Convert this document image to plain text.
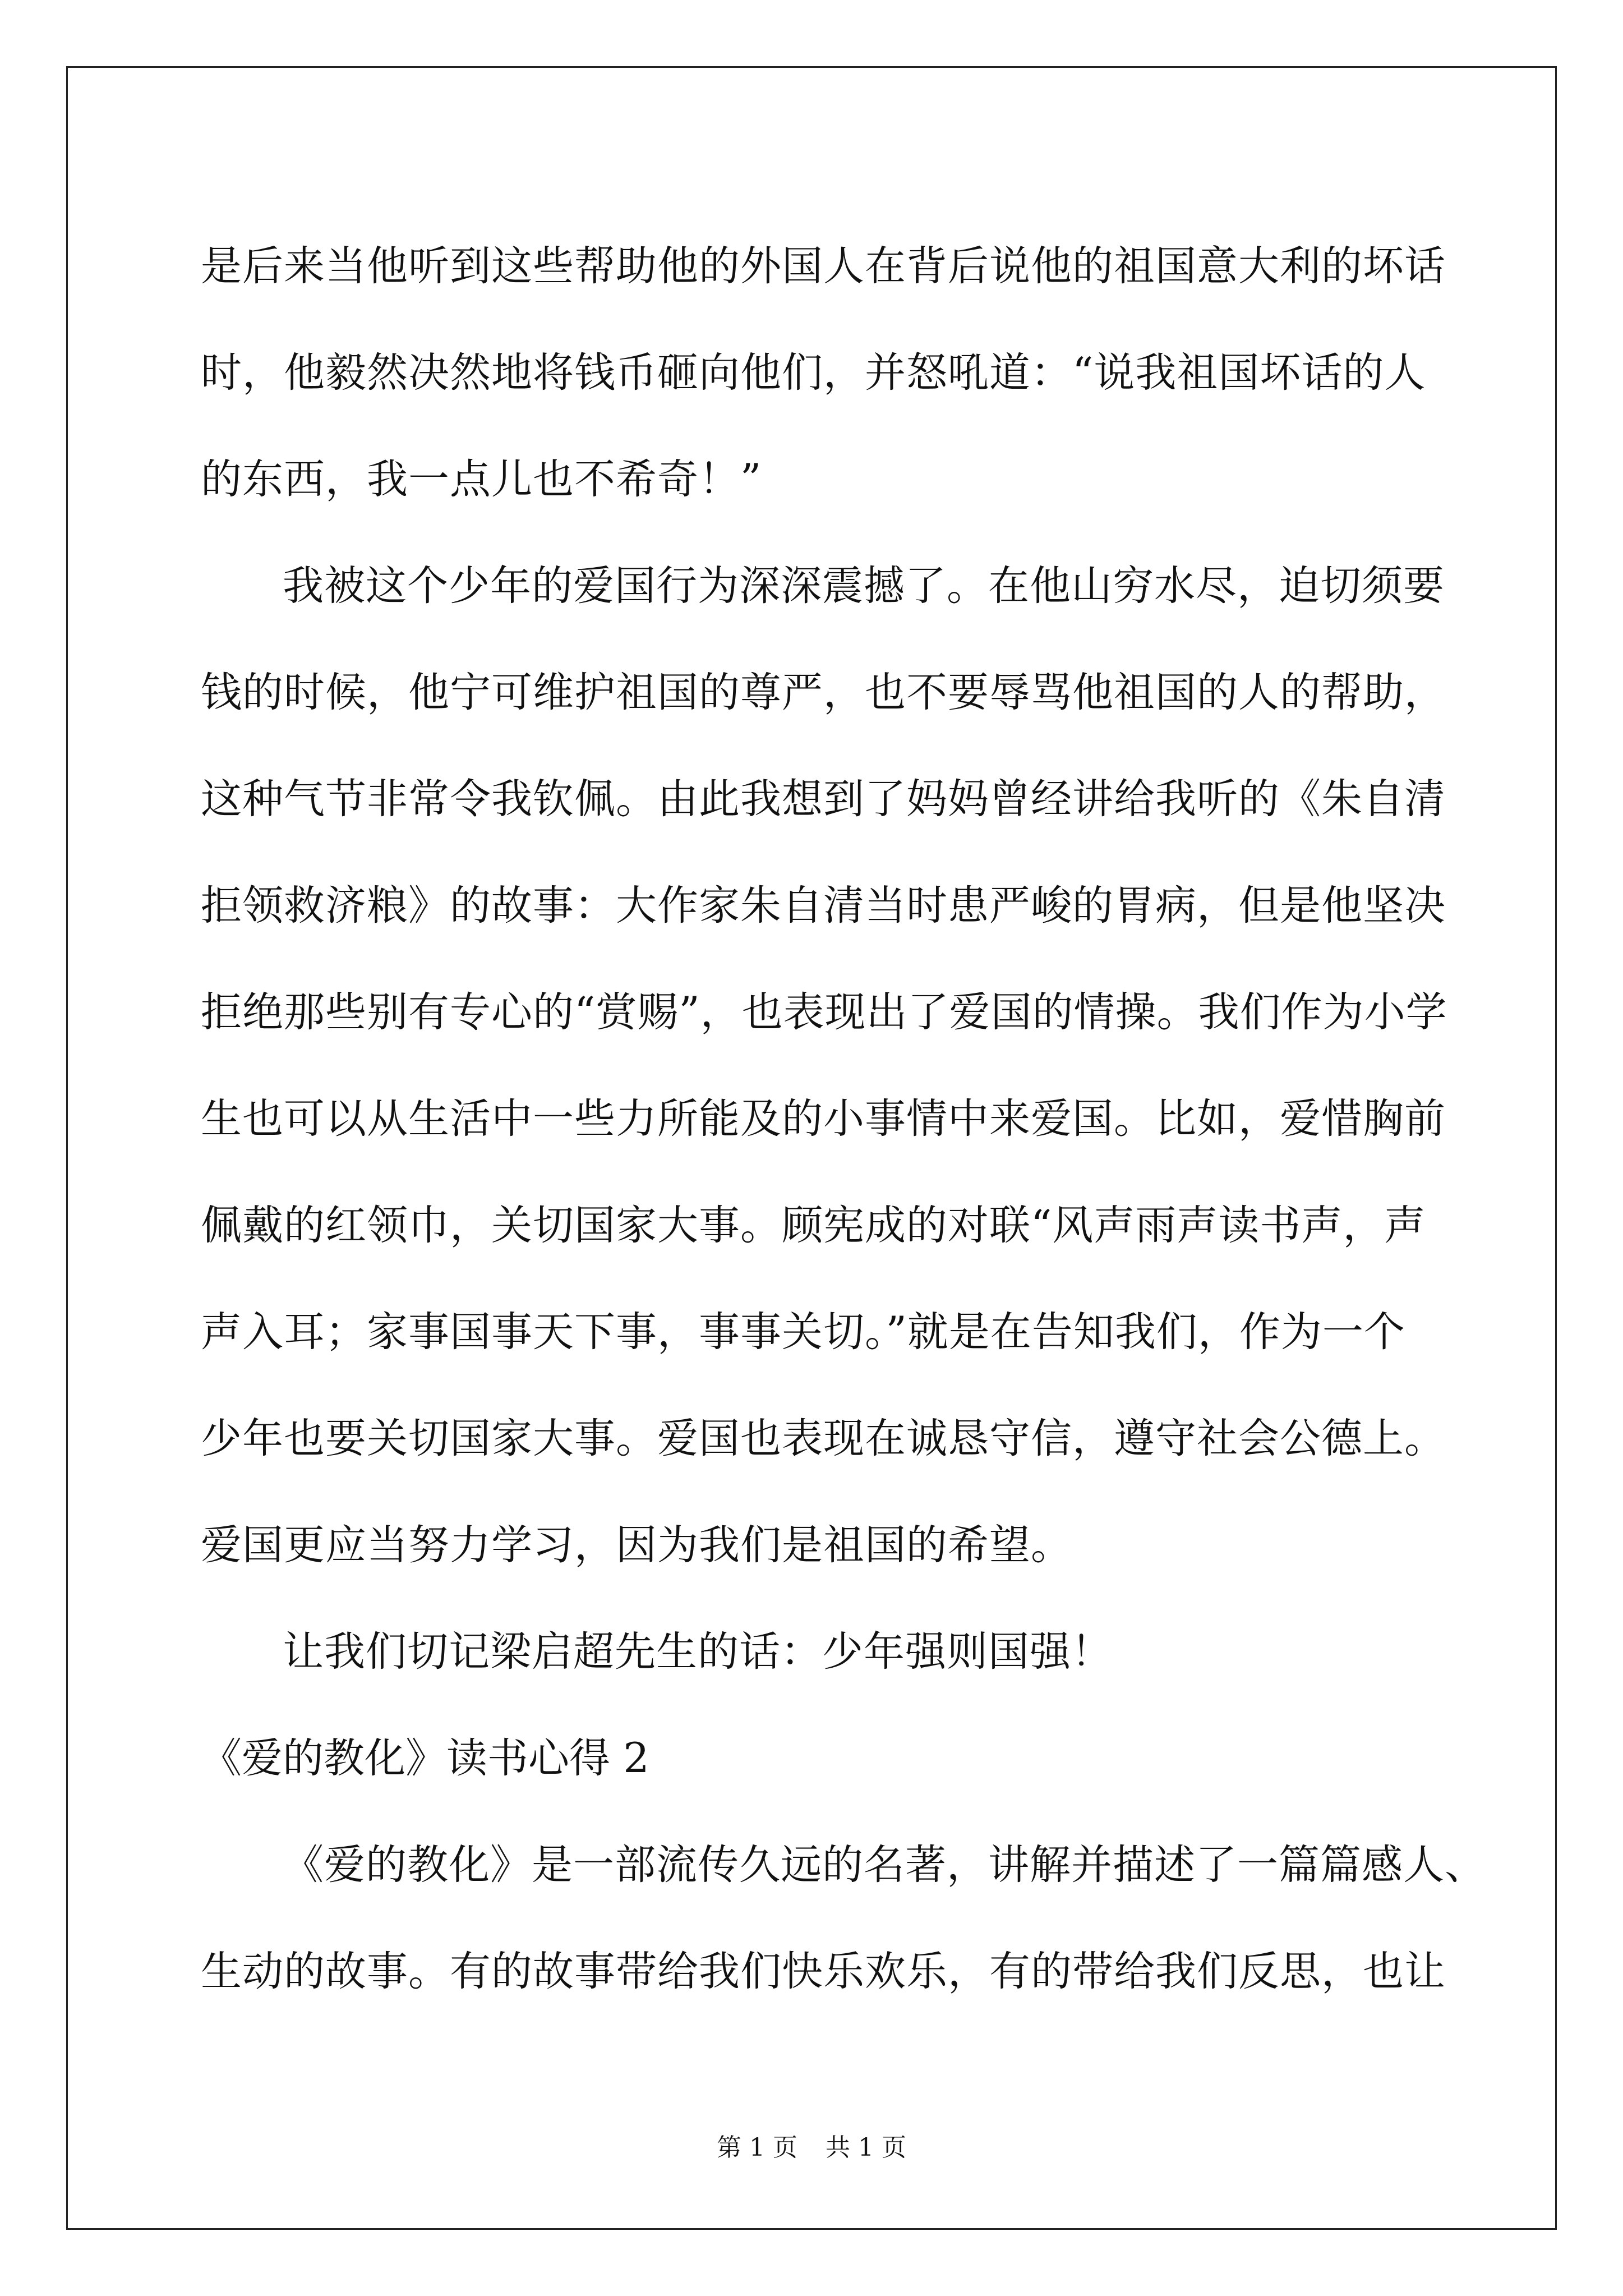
是后来当他听到这些帮助他的外国人在背后说他的祖国意大利的坏话
时，他毅然决然地将钱币砸向他们，并怒吼道：“说我祖国坏话的人
的东西，我一点儿也不希奇！”
我被这个少年的爱国行为深深震撼了。在他山穷水尽，迫切须要
钱的时候，他宁可维护祖国的尊严，也不要辱骂他祖国的人的帮助，
这种气节非常令我钦佩。由此我想到了妈妈曾经讲给我听的《朱自清
拒领救济粮》的故事：大作家朱自清当时患严峻的胃病，但是他坚决
拒绝那些别有专心的“赏赐”，也表现出了爱国的情操。我们作为小学
生也可以从生活中一些力所能及的小事情中来爱国。比如，爱惜胸前
佩戴的红领巾，关切国家大事。顾宪成的对联“风声雨声读书声，声
声入耳；家事国事天下事，事事关切。”就是在告知我们，作为一个
少年也要关切国家大事。爱国也表现在诚恳守信，遵守社会公德上。
爱国更应当努力学习，因为我们是祖国的希望。
让我们切记梁启超先生的话：少年强则国强！
《爱的教化》读书心得 2
《爱的教化》是一部流传久远的名著，讲解并描述了一篇篇感人、
生动的故事。有的故事带给我们快乐欢乐，有的带给我们反思，也让
第 1 页 共 1 页
